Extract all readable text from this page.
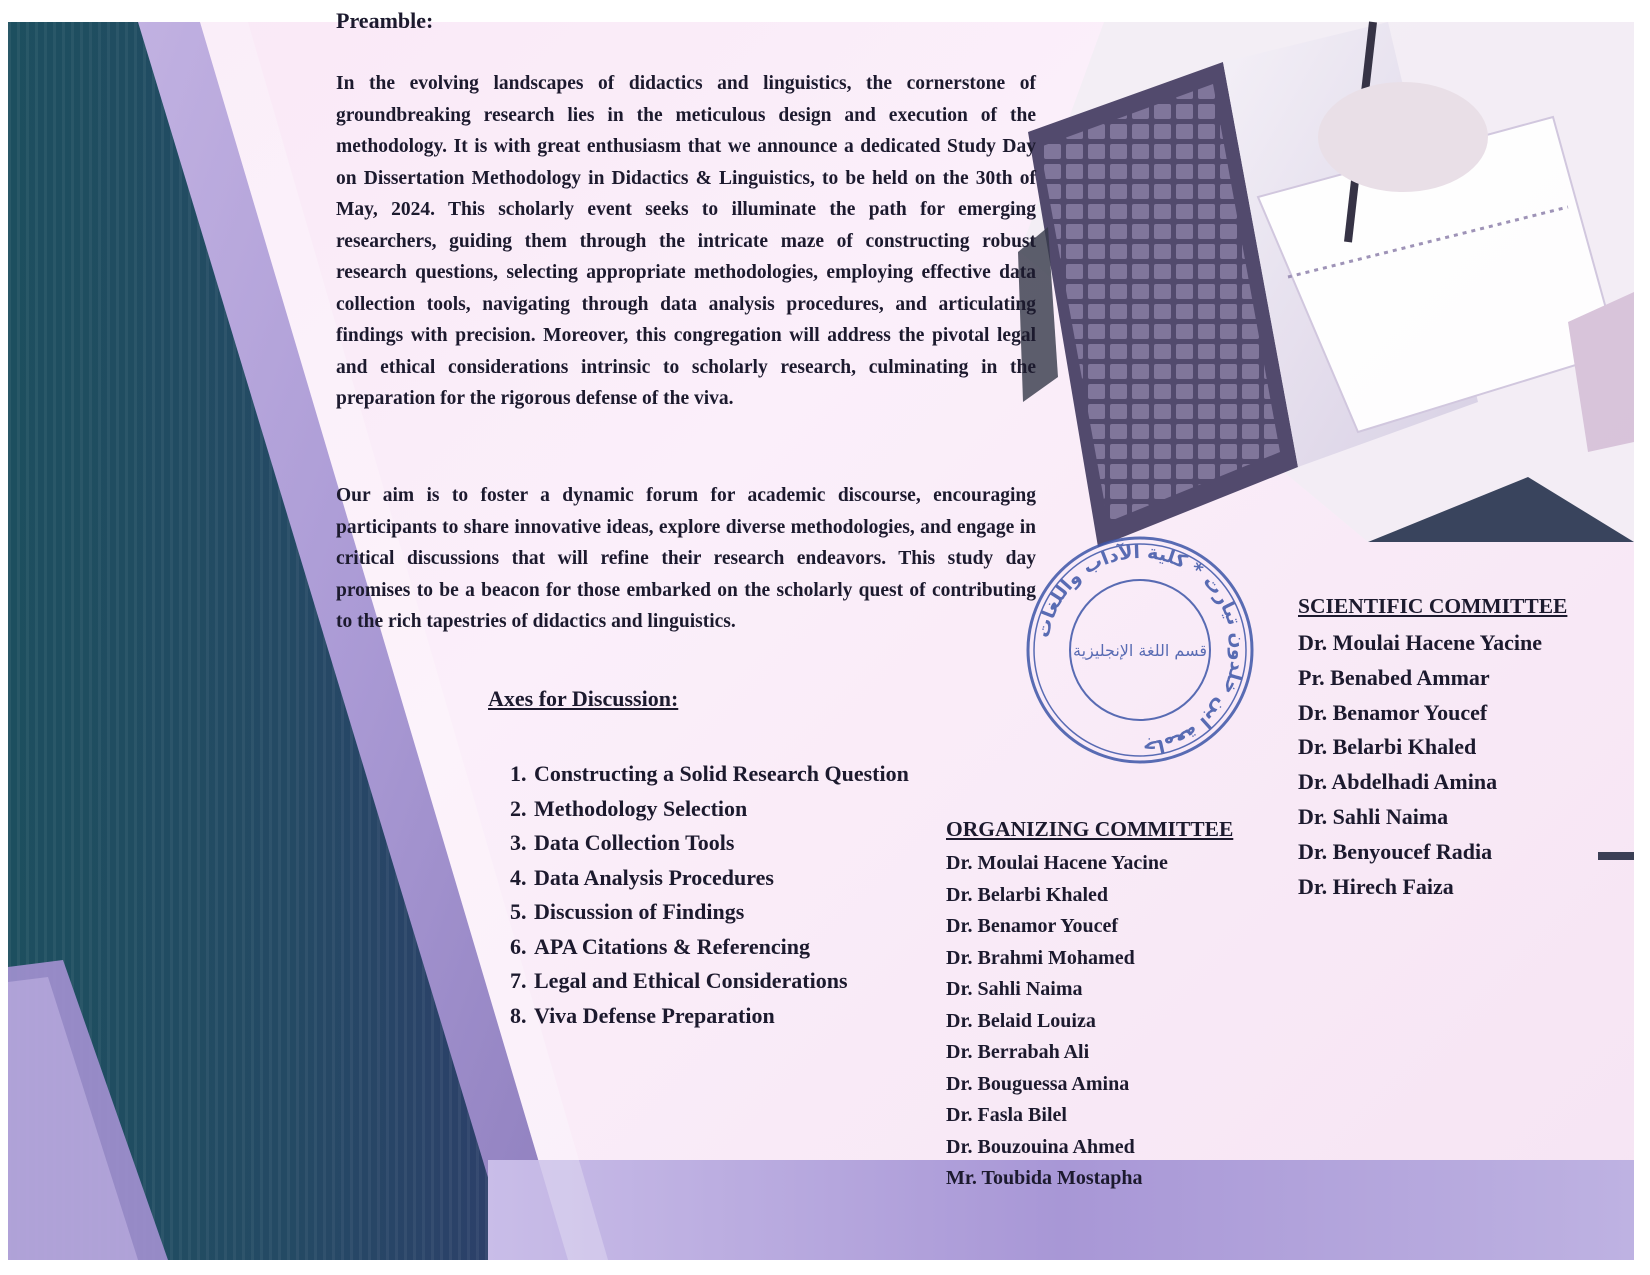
Preamble:

In the evolving landscapes of didactics and linguistics, the cornerstone of groundbreaking research lies in the meticulous design and execution of the methodology. It is with great enthusiasm that we announce a dedicated Study Day on Dissertation Methodology in Didactics & Linguistics, to be held on the 30th of May, 2024. This scholarly event seeks to illuminate the path for emerging researchers, guiding them through the intricate maze of constructing robust research questions, selecting appropriate methodologies, employing effective data collection tools, navigating through data analysis procedures, and articulating findings with precision. Moreover, this congregation will address the pivotal legal and ethical considerations intrinsic to scholarly research, culminating in the preparation for the rigorous defense of the viva.

Our aim is to foster a dynamic forum for academic discourse, encouraging participants to share innovative ideas, explore diverse methodologies, and engage in critical discussions that will refine their research endeavors. This study day promises to be a beacon for those embarked on the scholarly quest of contributing to the rich tapestries of didactics and linguistics.

Axes for Discussion:
1. Constructing a Solid Research Question
2. Methodology Selection
3. Data Collection Tools
4. Data Analysis Procedures
5. Discussion of Findings
6. APA Citations & Referencing
7. Legal and Ethical Considerations
8. Viva Defense Preparation
جامعة ابن خلدون تيارت * كلية الآداب واللغات
قسم اللغة الإنجليزية
ORGANIZING COMMITTEE
Dr. Moulai Hacene Yacine
Dr. Belarbi Khaled
Dr. Benamor Youcef
Dr. Brahmi Mohamed
Dr. Sahli Naima
Dr. Belaid Louiza
Dr. Berrabah Ali
Dr. Bouguessa Amina
Dr. Fasla Bilel
Dr. Bouzouina Ahmed
Mr. Toubida Mostapha
SCIENTIFIC COMMITTEE
Dr. Moulai Hacene Yacine
Pr. Benabed Ammar
Dr. Benamor Youcef
Dr. Belarbi Khaled
Dr. Abdelhadi Amina
Dr. Sahli Naima
Dr. Benyoucef Radia
Dr. Hirech Faiza
